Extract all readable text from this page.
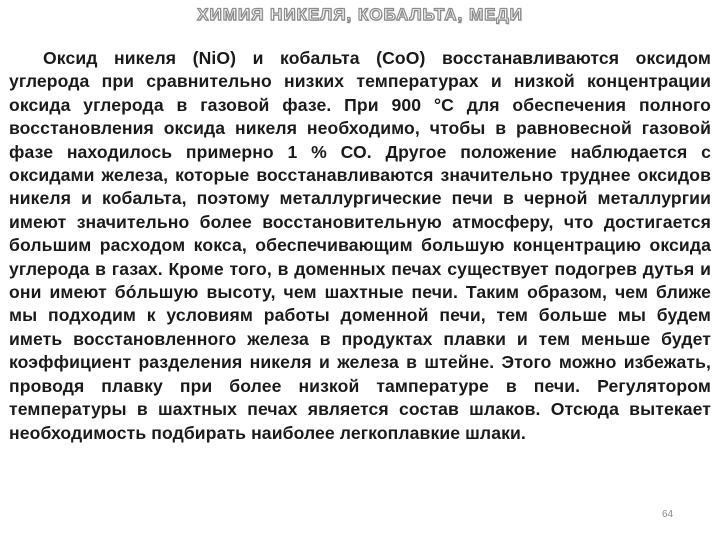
ХИМИЯ НИКЕЛЯ, КОБАЛЬТА, МЕДИ

Оксид никеля (NiO) и кобальта (CoO) восстанавливаются оксидом углерода при сравнительно низких температурах и низкой концентрации оксида углерода в газовой фазе. При 900 °С для обеспечения полного восстановления оксида никеля необходимо, чтобы в равновесной газовой фазе находилось примерно 1 % СО. Другое положение наблюдается с оксидами железа, которые восстанавливаются значительно труднее оксидов никеля и кобальта, поэтому металлургические печи в черной металлургии имеют значительно более восстановительную атмосферу, что достигается большим расходом кокса, обеспечивающим большую концентрацию оксида углерода в газах. Кроме того, в доменных печах существует подогрев дутья и они имеют бóльшую высоту, чем шахтные печи. Таким образом, чем ближе мы подходим к условиям работы доменной печи, тем больше мы будем иметь восстановленного железа в продуктах плавки и тем меньше будет коэффициент разделения никеля и железа в штейне. Этого можно избежать, проводя плавку при более низкой тампературе в печи. Регулятором температуры в шахтных печах является состав шлаков. Отсюда вытекает необходимость подбирать наиболее легкоплавкие шлаки.

64
